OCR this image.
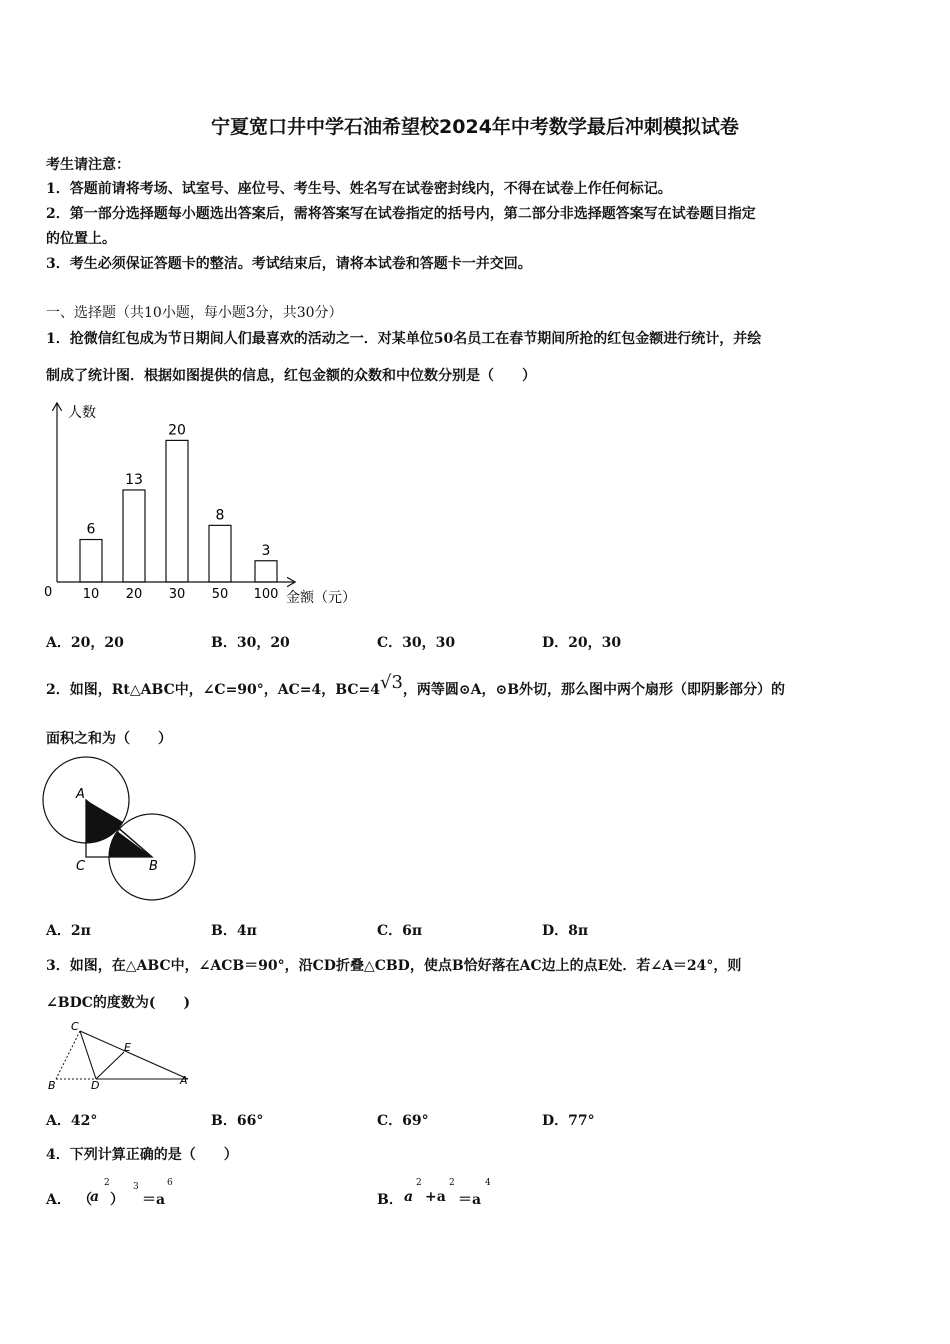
宁夏宽口井中学石油希望校2024年中考数学最后冲刺模拟试卷
考生请注意：
1．答题前请将考场、试室号、座位号、考生号、姓名写在试卷密封线内，不得在试卷上作任何标记。
2．第一部分选择题每小题选出答案后，需将答案写在试卷指定的括号内，第二部分非选择题答案写在试卷题目指定
的位置上。
3．考生必须保证答题卡的整洁。考试结束后，请将本试卷和答题卡一并交回。
一、选择题（共10小题，每小题3分，共30分）
1．抢微信红包成为节日期间人们最喜欢的活动之一．对某单位50名员工在春节期间所抢的红包金额进行统计，并绘
制成了统计图．根据如图提供的信息，红包金额的众数和中位数分别是（　　）
人数
金额（元）
0
6
10
13
20
20
30
8
50
3
100
A．20，20	B．30，20	C．30，30	D．20，30
2．如图，Rt△ABC中，∠C=90°，AC=4，BC=4√3，两等圆⊙A，⊙B外切，那么图中两个扇形（即阴影部分）的
面积之和为（　　）
A
C	B
A．2π	B．4π	C．6π	D．8π
3．如图，在△ABC中，∠ACB＝90°，沿CD折叠△CBD，使点B恰好落在AC边上的点E处．若∠A＝24°，则
∠BDC的度数为(　　)
C
E
B	D	A
A．42°	B．66°	C．69°	D．77°
4．下列计算正确的是（　　）
A． （
a
2
）
3
＝a
6
B． a
2
+a
2
＝a
4
